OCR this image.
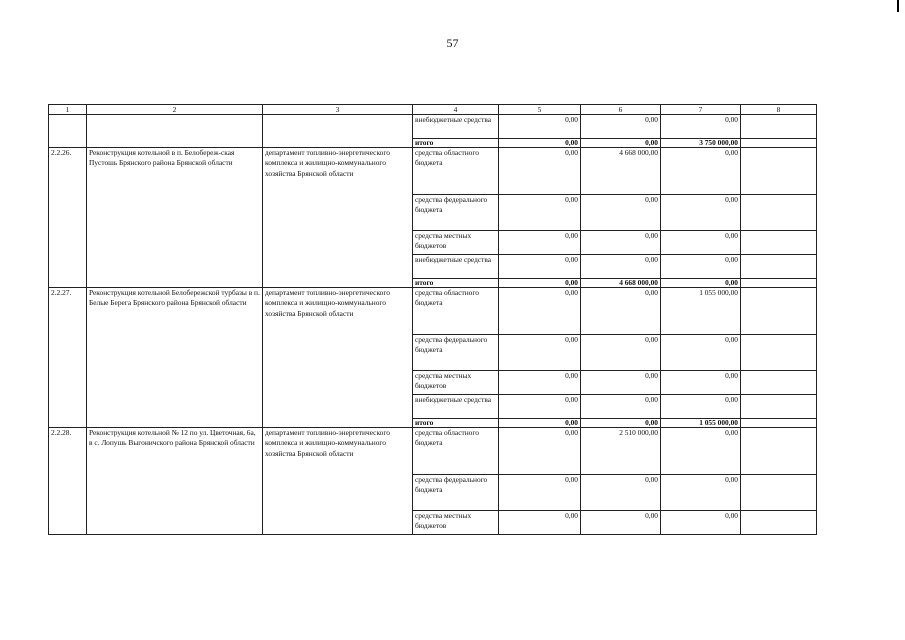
57
1	2	3	4	5	6	7	8
			внебюджетные средства	0,00	0,00	0,00	
			итого	0,00	0,00	3 750 000,00	
2.2.26.	Реконструкция котельной в п. Белобереж-ская Пустошь Брянского района Брянской области	департамент топливно-энергетического комплекса и жилищно-коммунального хозяйства Брянской области	средства областного бюджета	0,00	4 668 000,00	0,00	
			средства федерального бюджета	0,00	0,00	0,00	
			средства местных бюджетов	0,00	0,00	0,00	
			внебюджетные средства	0,00	0,00	0,00	
			итого	0,00	4 668 000,00	0,00	
2.2.27.	Реконструкция котельной Белобережской турбазы в п. Белые Берега Брянского района Брянской области	департамент топливно-энергетического комплекса и жилищно-коммунального хозяйства Брянской области	средства областного бюджета	0,00	0,00	1 055 000,00	
			средства федерального бюджета	0,00	0,00	0,00	
			средства местных бюджетов	0,00	0,00	0,00	
			внебюджетные средства	0,00	0,00	0,00	
			итого	0,00	0,00	1 055 000,00	
2.2.28.	Реконструкция котельной № 12 по ул. Цветочная, 6а, в с. Лопушь Выгоничского района Брянской области	департамент топливно-энергетического комплекса и жилищно-коммунального хозяйства Брянской области	средства областного бюджета	0,00	2 510 000,00	0,00	
			средства федерального бюджета	0,00	0,00	0,00	
			средства местных бюджетов	0,00	0,00	0,00	
